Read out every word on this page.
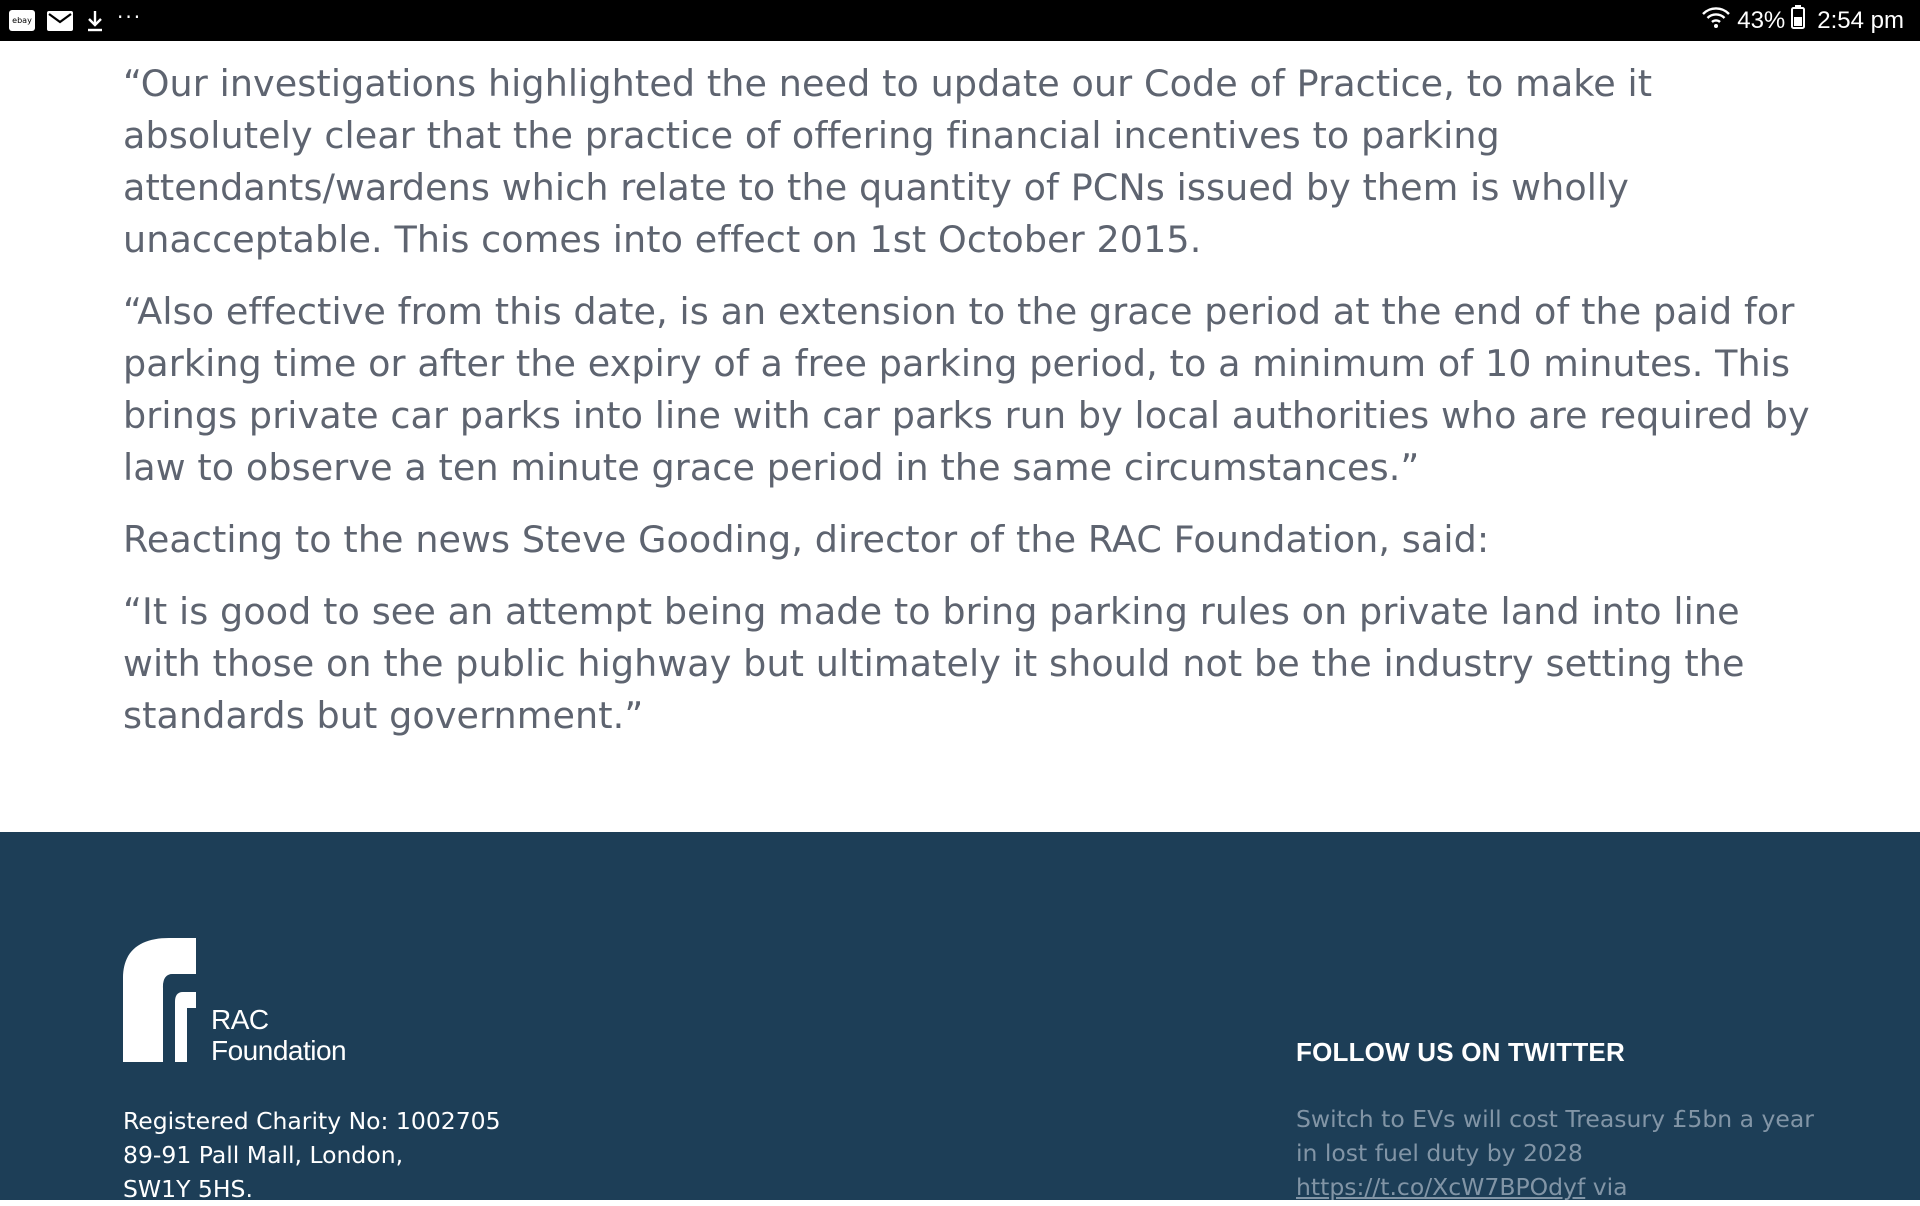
ebay	···	43% 2:54 pm

“Our investigations highlighted the need to update our Code of Practice, to make it absolutely clear that the practice of offering financial incentives to parking attendants/wardens which relate to the quantity of PCNs issued by them is wholly unacceptable. This comes into effect on 1st October 2015.

“Also effective from this date, is an extension to the grace period at the end of the paid for parking time or after the expiry of a free parking period, to a minimum of 10 minutes. This brings private car parks into line with car parks run by local authorities who are required by law to observe a ten minute grace period in the same circumstances.”

Reacting to the news Steve Gooding, director of the RAC Foundation, said:

“It is good to see an attempt being made to bring parking rules on private land into line with those on the public highway but ultimately it should not be the industry setting the standards but government.”

RAC
Foundation
Registered Charity No: 1002705
89-91 Pall Mall, London,
SW1Y 5HS.
FOLLOW US ON TWITTER
Switch to EVs will cost Treasury £5bn a year in lost fuel duty by 2028
https://t.co/XcW7BPOdyf via
